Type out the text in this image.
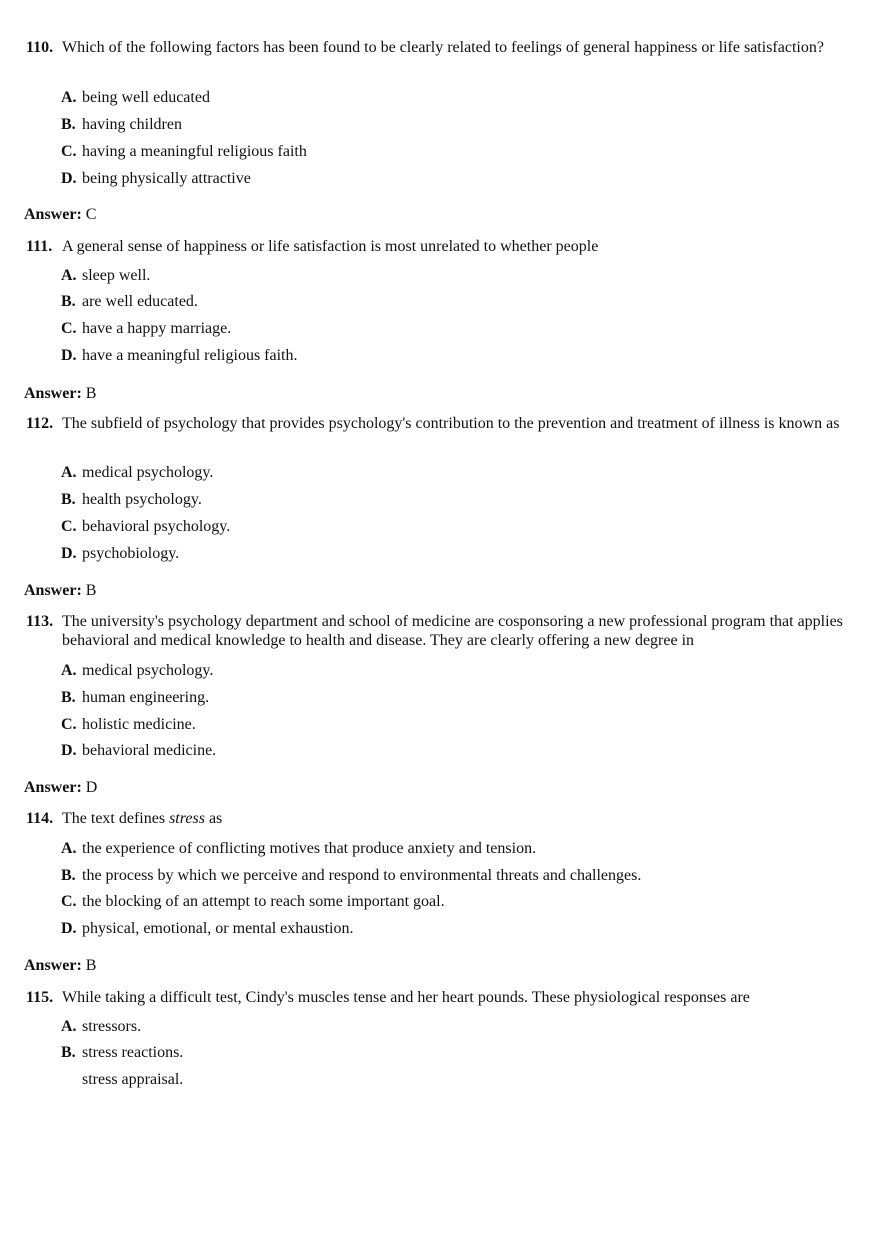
110. Which of the following factors has been found to be clearly related to feelings of general happiness or life satisfaction?

A. being well educated
B. having children
C. having a meaningful religious faith
D. being physically attractive
Answer: C

111. A general sense of happiness or life satisfaction is most unrelated to whether people

A. sleep well.
B. are well educated.
C. have a happy marriage.
D. have a meaningful religious faith.
Answer: B

112. The subfield of psychology that provides psychology's contribution to the prevention and treatment of illness is known as

A. medical psychology.
B. health psychology.
C. behavioral psychology.
D. psychobiology.
Answer: B

113. The university's psychology department and school of medicine are cosponsoring a new professional program that applies behavioral and medical knowledge to health and disease. They are clearly offering a new degree in

A. medical psychology.
B. human engineering.
C. holistic medicine.
D. behavioral medicine.
Answer: D

114. The text defines stress as

A. the experience of conflicting motives that produce anxiety and tension.
B. the process by which we perceive and respond to environmental threats and challenges.
C. the blocking of an attempt to reach some important goal.
D. physical, emotional, or mental exhaustion.
Answer: B

115. While taking a difficult test, Cindy's muscles tense and her heart pounds. These physiological responses are

A. stressors.
B. stress reactions.
stress appraisal.
